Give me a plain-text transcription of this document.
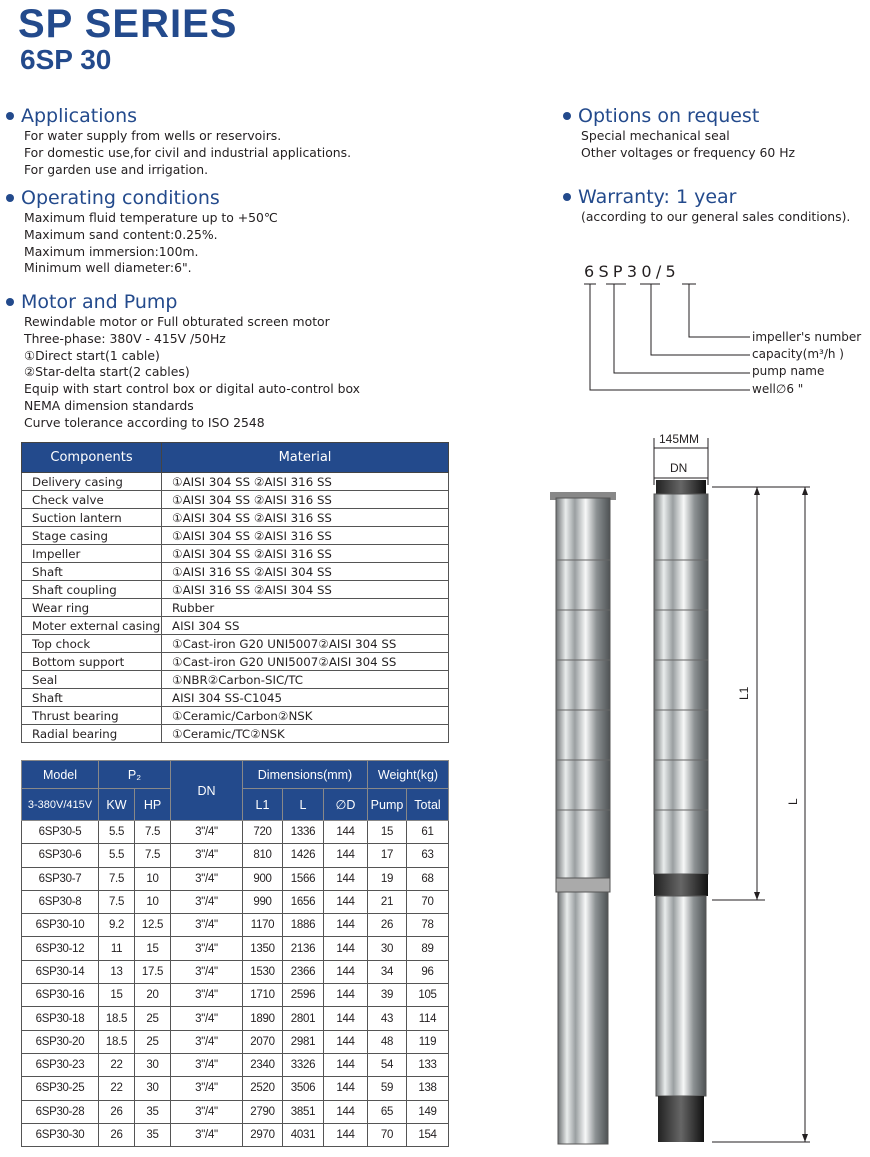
SP SERIES
6SP 30
Applications
For water supply from wells or reservoirs.
For domestic use,for civil and industrial applications.
For garden use and irrigation.
Operating conditions
Maximum fluid temperature up to +50℃
Maximum sand content:0.25%.
Maximum immersion:100m.
Minimum well diameter:6".
Motor and Pump
Rewindable motor or Full obturated screen motor
Three-phase: 380V - 415V /50Hz
①Direct start(1 cable)
②Star-delta start(2 cables)
Equip with start control box or digital auto-control box
NEMA dimension standards
Curve tolerance according to ISO 2548
Options on request
Special mechanical seal
Other voltages or frequency 60 Hz
Warranty: 1 year
(according to our general sales conditions).
6SP30/5
impeller's number
capacity(m³/h )
pump name
well∅6 "
Components	Material
Delivery casing	①AISI 304 SS ②AISI 316 SS
Check valve	①AISI 304 SS ②AISI 316 SS
Suction lantern	①AISI 304 SS ②AISI 316 SS
Stage casing	①AISI 304 SS ②AISI 316 SS
Impeller	①AISI 304 SS ②AISI 316 SS
Shaft	①AISI 316 SS ②AISI 304 SS
Shaft coupling	①AISI 316 SS ②AISI 304 SS
Wear ring	Rubber
Moter external casing	AISI 304 SS
Top chock	①Cast-iron G20 UNI5007②AISI 304 SS
Bottom support	①Cast-iron G20 UNI5007②AISI 304 SS
Seal	①NBR②Carbon-SIC/TC
Shaft	AISI 304 SS-C1045
Thrust bearing	①Ceramic/Carbon②NSK
Radial bearing	①Ceramic/TC②NSK
Model	P₂		DN	Dimensions(mm)			Weight(kg)	
3-380V/415V	KW	HP		L1	L	∅D	Pump	Total
6SP30-5	5.5	7.5	3"/4"	720	1336	144	15	61
6SP30-6	5.5	7.5	3"/4"	810	1426	144	17	63
6SP30-7	7.5	10	3"/4"	900	1566	144	19	68
6SP30-8	7.5	10	3"/4"	990	1656	144	21	70
6SP30-10	9.2	12.5	3"/4"	1170	1886	144	26	78
6SP30-12	11	15	3"/4"	1350	2136	144	30	89
6SP30-14	13	17.5	3"/4"	1530	2366	144	34	96
6SP30-16	15	20	3"/4"	1710	2596	144	39	105
6SP30-18	18.5	25	3"/4"	1890	2801	144	43	114
6SP30-20	18.5	25	3"/4"	2070	2981	144	48	119
6SP30-23	22	30	3"/4"	2340	3326	144	54	133
6SP30-25	22	30	3"/4"	2520	3506	144	59	138
6SP30-28	26	35	3"/4"	2790	3851	144	65	149
6SP30-30	26	35	3"/4"	2970	4031	144	70	154
145MM
DN
L1
L
